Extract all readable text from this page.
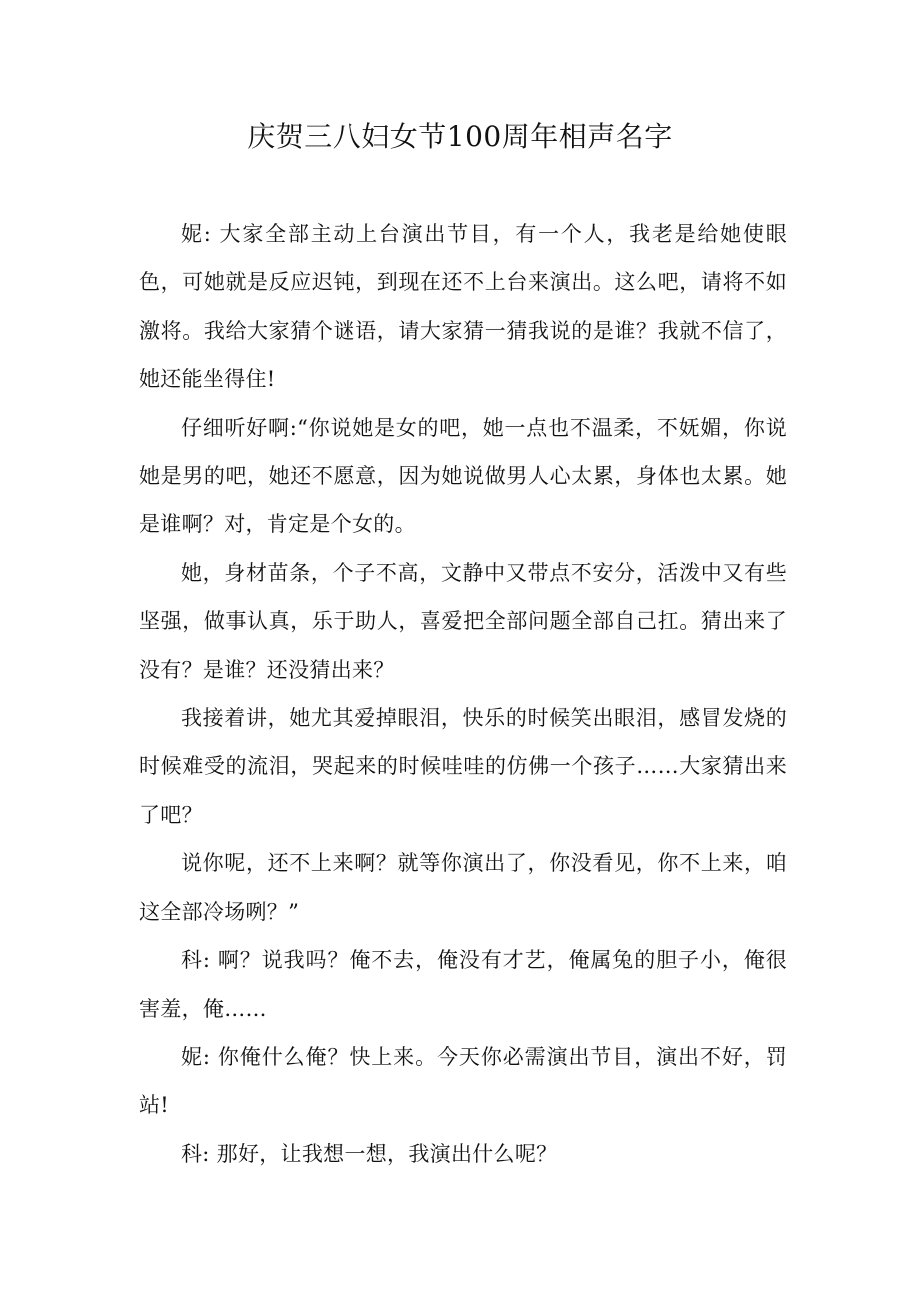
庆贺三八妇女节100周年相声名字

妮: 大家全部主动上台演出节目，有一个人，我老是给她使眼色，可她就是反应迟钝，到现在还不上台来演出。这么吧，请将不如激将。我给大家猜个谜语，请大家猜一猜我说的是谁？我就不信了，她还能坐得住!

仔细听好啊:“你说她是女的吧，她一点也不温柔，不妩媚，你说她是男的吧，她还不愿意，因为她说做男人心太累，身体也太累。她是谁啊？对，肯定是个女的。

她，身材苗条，个子不高，文静中又带点不安分，活泼中又有些坚强，做事认真，乐于助人，喜爱把全部问题全部自己扛。猜出来了没有？是谁？还没猜出来？

我接着讲，她尤其爱掉眼泪，快乐的时候笑出眼泪，感冒发烧的时候难受的流泪，哭起来的时候哇哇的仿佛一个孩子……大家猜出来了吧？

说你呢，还不上来啊？就等你演出了，你没看见，你不上来，咱这全部冷场咧？”

科: 啊？说我吗？俺不去，俺没有才艺，俺属兔的胆子小，俺很害羞，俺……

妮: 你俺什么俺？快上来。今天你必需演出节目，演出不好，罚站!

科: 那好，让我想一想，我演出什么呢？
